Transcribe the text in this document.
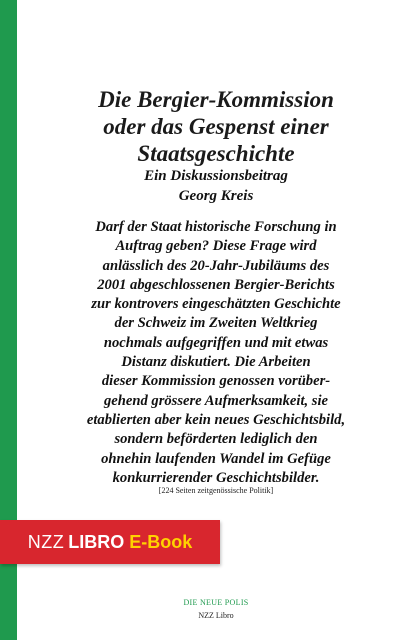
Die Bergier-Kommission
oder das Gespenst einer
Staatsgeschichte
Ein Diskussionsbeitrag
Georg Kreis
Darf der Staat historische Forschung in
Auftrag geben? Diese Frage wird
anlässlich des 20-Jahr-Jubiläums des
2001 abgeschlossenen Bergier-Berichts
zur kontrovers eingeschätzten Geschichte
der Schweiz im Zweiten Weltkrieg
nochmals aufgegriffen und mit etwas
Distanz diskutiert. Die Arbeiten
dieser Kommission genossen vorüber-
gehend grössere Aufmerksamkeit, sie
etablierten aber kein neues Geschichtsbild,
sondern beförderten lediglich den
ohnehin laufenden Wandel im Gefüge
konkurrierender Geschichtsbilder.
[224 Seiten zeitgenössische Politik]
DIE NEUE POLIS
NZZ Libro
NZZ LIBRO E-Book
